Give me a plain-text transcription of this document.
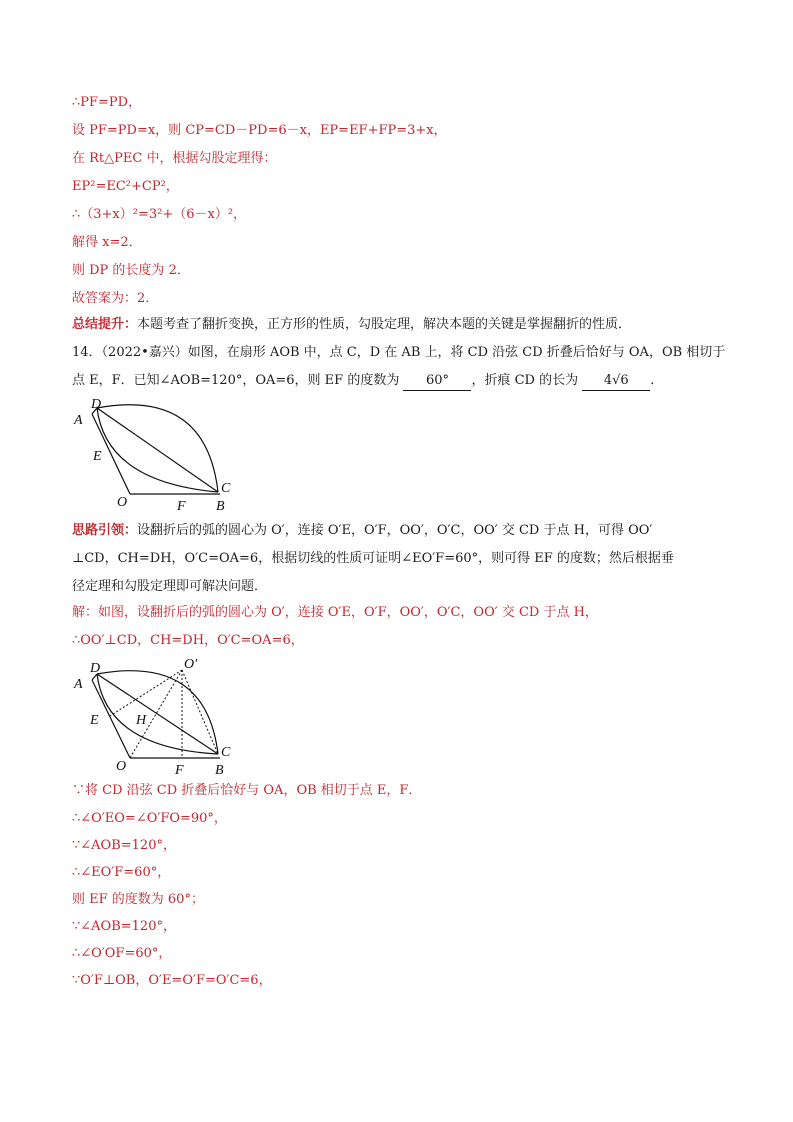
∴PF=PD，
设 PF=PD=x，则 CP=CD－PD=6－x，EP=EF+FP=3+x，
在 Rt△PEC 中，根据勾股定理得：
EP²=EC²+CP²，
∴（3+x）²=3²+（6－x）²，
解得 x=2．
则 DP 的长度为 2．
故答案为：2．
总结提升：本题考查了翻折变换，正方形的性质，勾股定理，解决本题的关键是掌握翻折的性质．
14．（2022•嘉兴）如图，在扇形 AOB 中，点 C，D 在 AB 上，将 CD 沿弦 CD 折叠后恰好与 OA，OB 相切于
点 E，F．已知∠AOB=120°，OA=6，则 EF 的度数为 60° ，折痕 CD 的长为 4√6 ．
A
D
E
O	F
C
B
思路引领：设翻折后的弧的圆心为 O′，连接 O′E，O′F，OO′，O′C，OO′ 交 CD 于点 H，可得 OO′
⊥CD，CH=DH，O′C=OA=6，根据切线的性质可证明∠EO′F=60°，则可得 EF 的度数；然后根据垂
径定理和勾股定理即可解决问题．
解：如图，设翻折后的弧的圆心为 O′，连接 O′E，O′F，OO′，O′C，OO′ 交 CD 于点 H，
∴OO′⊥CD，CH=DH，O′C=OA=6，
A
D	O′
E	H
O	F
C
B
∵将 CD 沿弦 CD 折叠后恰好与 OA，OB 相切于点 E，F．
∴∠O′EO=∠O′FO=90°，
∵∠AOB=120°，
∴∠EO′F=60°，
则 EF 的度数为 60°；
∵∠AOB=120°，
∴∠O′OF=60°，
∵O′F⊥OB，O′E=O′F=O′C=6，
